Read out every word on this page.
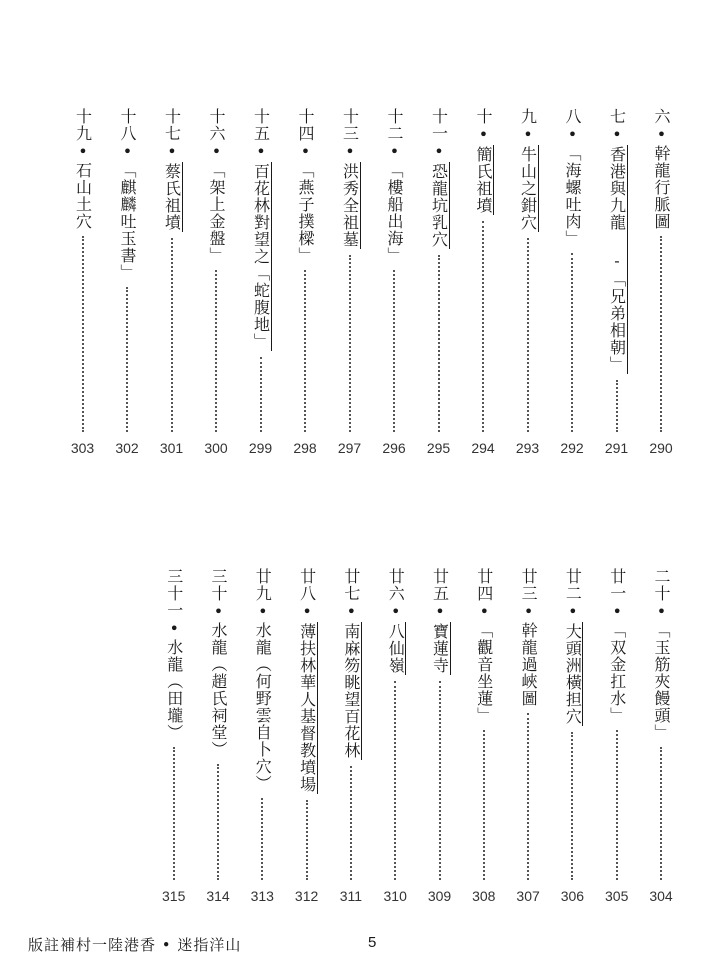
六•幹龍行脈圖
290
七•香港與九龍 -「兄弟相朝」
291
八•「海螺吐肉」
292
九•牛山之鉗穴
293
十•簡氏祖墳
294
十一•恐龍坑乳穴
295
十二•「樓船出海」
296
十三•洪秀全祖墓
297
十四•「燕子撲樑」
298
十五•百花林對望之「蛇腹地」
299
十六•「架上金盤」
300
十七•蔡氏祖墳
301
十八•「麒麟吐玉書」
302
十九•石山土穴
303
二十•「玉筋夾饅頭」
304
廿一•「双金扛水」
305
廿二•大頭洲橫担穴
306
廿三•幹龍過峽圖
307
廿四•「觀音坐蓮」
308
廿五•寶蓮寺
309
廿六•八仙嶺
310
廿七•南麻笏眺望百花林
311
廿八•薄扶林華人基督教墳場
312
廿九•水龍（何野雲自卜穴）
313
三十•水龍（趙氏祠堂）
314
三十一•水龍（田壠）
315
版註補村一陸港香 • 迷指洋山	5
